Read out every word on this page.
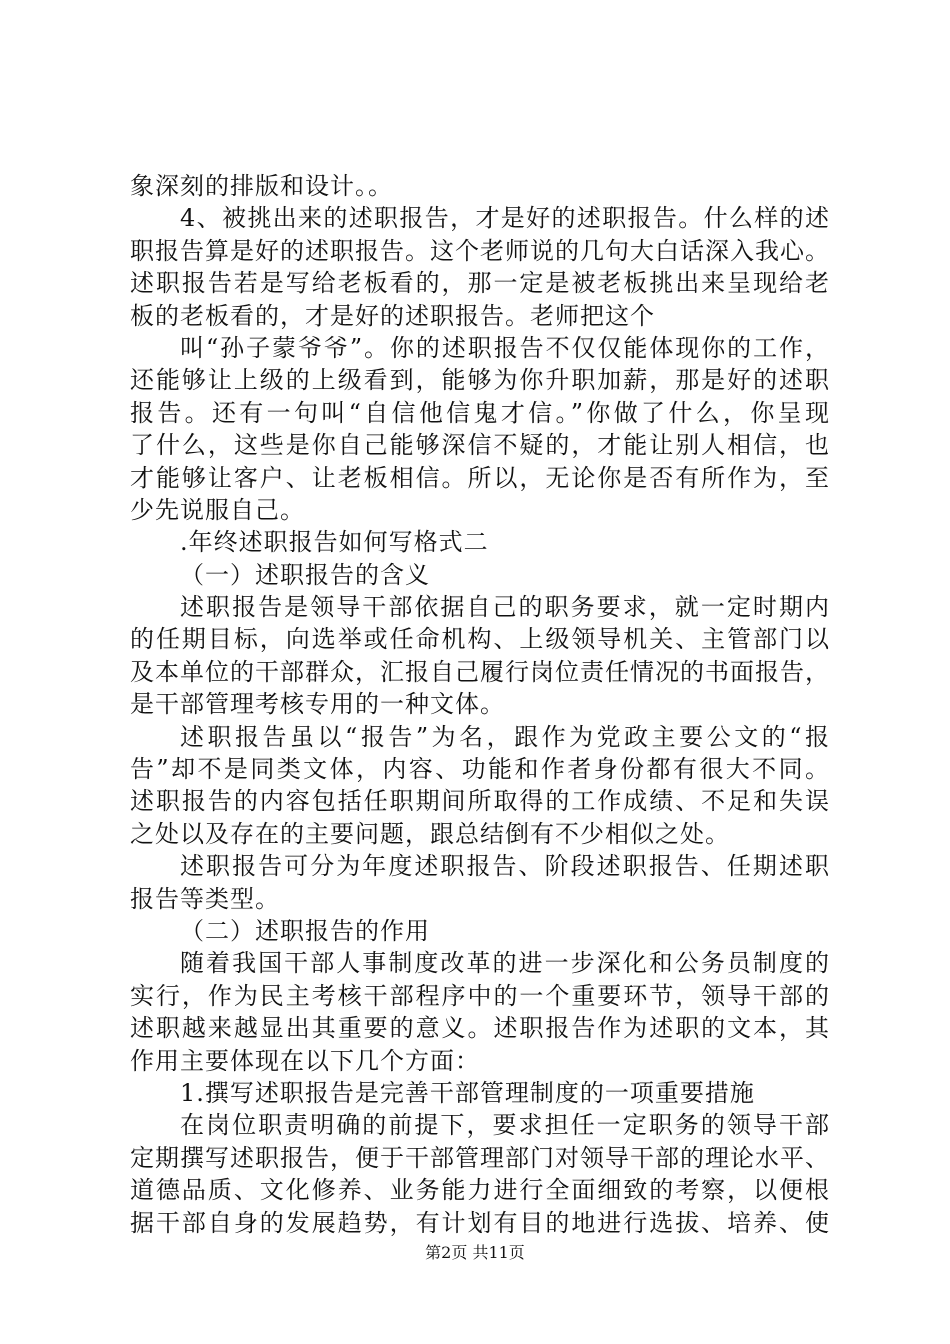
象深刻的排版和设计。。
4、被挑出来的述职报告，才是好的述职报告。什么样的述
职报告算是好的述职报告。这个老师说的几句大白话深入我心。
述职报告若是写给老板看的，那一定是被老板挑出来呈现给老
板的老板看的，才是好的述职报告。老师把这个
叫“孙子蒙爷爷”。你的述职报告不仅仅能体现你的工作，
还能够让上级的上级看到，能够为你升职加薪，那是好的述职
报告。还有一句叫“自信他信鬼才信。”你做了什么，你呈现
了什么，这些是你自己能够深信不疑的，才能让别人相信，也
才能够让客户、让老板相信。所以，无论你是否有所作为，至
少先说服自己。
.年终述职报告如何写格式二
（一）述职报告的含义
述职报告是领导干部依据自己的职务要求，就一定时期内
的任期目标，向选举或任命机构、上级领导机关、主管部门以
及本单位的干部群众，汇报自己履行岗位责任情况的书面报告，
是干部管理考核专用的一种文体。
述职报告虽以“报告”为名，跟作为党政主要公文的“报
告”却不是同类文体，内容、功能和作者身份都有很大不同。
述职报告的内容包括任职期间所取得的工作成绩、不足和失误
之处以及存在的主要问题，跟总结倒有不少相似之处。
述职报告可分为年度述职报告、阶段述职报告、任期述职
报告等类型。
（二）述职报告的作用
随着我国干部人事制度改革的进一步深化和公务员制度的
实行，作为民主考核干部程序中的一个重要环节，领导干部的
述职越来越显出其重要的意义。述职报告作为述职的文本，其
作用主要体现在以下几个方面：
1.撰写述职报告是完善干部管理制度的一项重要措施
在岗位职责明确的前提下，要求担任一定职务的领导干部
定期撰写述职报告，便于干部管理部门对领导干部的理论水平、
道德品质、文化修养、业务能力进行全面细致的考察，以便根
据干部自身的发展趋势，有计划有目的地进行选拔、培养、使
第2页 共11页
